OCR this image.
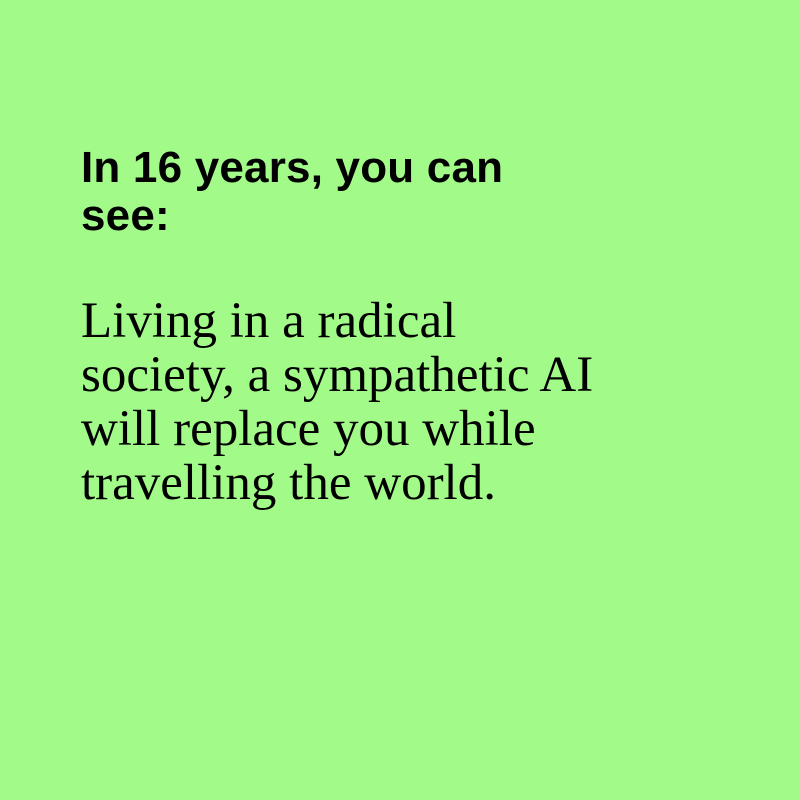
In 16 years, you can
see:

Living in a radical
society, a sympathetic AI
will replace you while
travelling the world.
